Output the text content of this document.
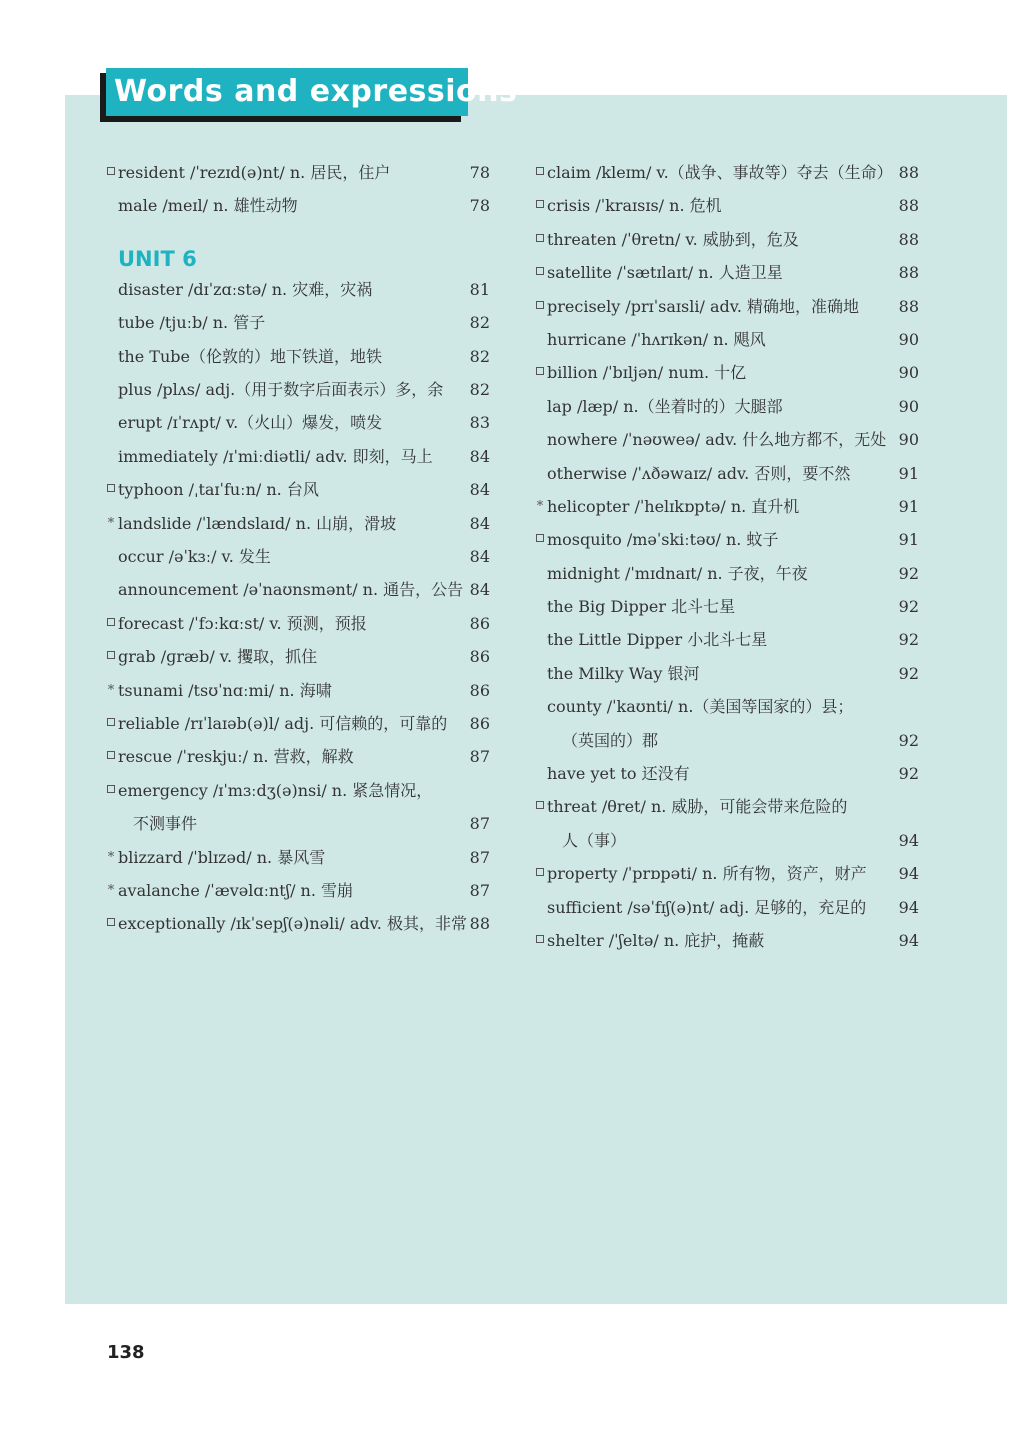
Words and expressions
resident /ˈrezɪd(ə)nt/ n. 居民，住户	78
male /meɪl/ n. 雄性动物	78
UNIT 6
disaster /dɪˈzɑːstə/ n. 灾难，灾祸	81
tube /tjuːb/ n. 管子	82
the Tube（伦敦的）地下铁道，地铁	82
plus /plʌs/ adj.（用于数字后面表示）多，余	82
erupt /ɪˈrʌpt/ v.（火山）爆发，喷发	83
immediately /ɪˈmiːdiətli/ adv. 即刻，马上	84
typhoon /ˌtaɪˈfuːn/ n. 台风	84
*
landslide /ˈlændslaɪd/ n. 山崩，滑坡	84
occur /əˈkɜː/ v. 发生	84
announcement /əˈnaʊnsmənt/ n. 通告，公告 84
forecast /ˈfɔːkɑːst/ v. 预测，预报	86
grab /ɡræb/ v. 攫取，抓住	86
*
tsunami /tsʊˈnɑːmi/ n. 海啸	86
reliable /rɪˈlaɪəb(ə)l/ adj. 可信赖的，可靠的	86
rescue /ˈreskjuː/ n. 营救，解救	87
emergency /ɪˈmɜːdʒ(ə)nsi/ n. 紧急情况，
不测事件	87
*
blizzard /ˈblɪzəd/ n. 暴风雪	87
*
avalanche /ˈævəlɑːntʃ/ n. 雪崩	87
exceptionally /ɪkˈsepʃ(ə)nəli/ adv. 极其，非常 88
claim /kleɪm/ v.（战争、事故等）夺去（生命） 88
crisis /ˈkraɪsɪs/ n. 危机	88
threaten /ˈθretn/ v. 威胁到，危及	88
satellite /ˈsætɪlaɪt/ n. 人造卫星	88
precisely /prɪˈsaɪsli/ adv. 精确地，准确地	88
hurricane /ˈhʌrɪkən/ n. 飓风	90
billion /ˈbɪljən/ num. 十亿	90
lap /læp/ n.（坐着时的）大腿部	90
nowhere /ˈnəʊweə/ adv. 什么地方都不，无处 90
otherwise /ˈʌðəwaɪz/ adv. 否则，要不然	91
*
helicopter /ˈhelɪkɒptə/ n. 直升机	91
mosquito /məˈskiːtəʊ/ n. 蚊子	91
midnight /ˈmɪdnaɪt/ n. 子夜，午夜	92
the Big Dipper 北斗七星	92
the Little Dipper 小北斗七星	92
the Milky Way 银河	92
county /ˈkaʊnti/ n.（美国等国家的）县；
（英国的）郡	92
have yet to 还没有	92
threat /θret/ n. 威胁，可能会带来危险的
人（事）	94
property /ˈprɒpəti/ n. 所有物，资产，财产	94
sufficient /səˈfɪʃ(ə)nt/ adj. 足够的，充足的	94
shelter /ˈʃeltə/ n. 庇护，掩蔽	94
138
